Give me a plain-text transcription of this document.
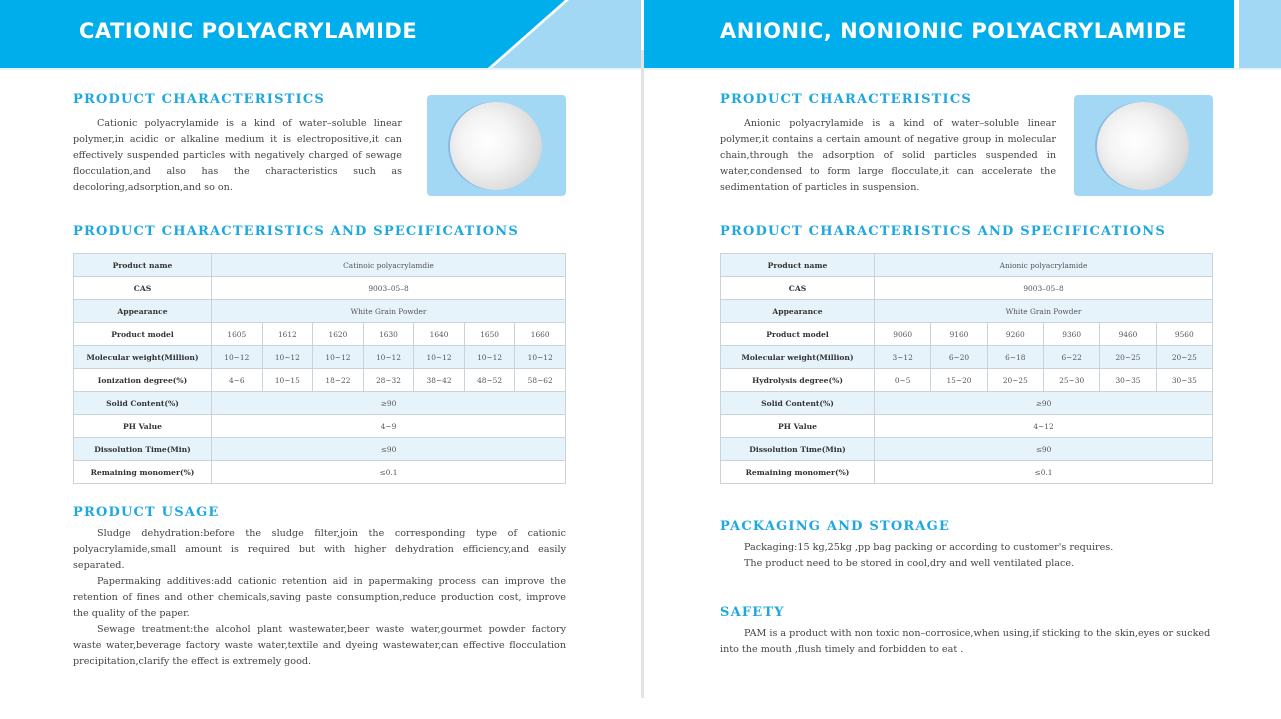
CATIONIC POLYACRYLAMIDE	ANIONIC, NONIONIC POLYACRYLAMIDE
PRODUCT CHARACTERISTICS

Cationic polyacrylamide is a kind of water–soluble linear polymer,in acidic or alkaline medium it is electropositive,it can effectively suspended particles with negatively charged of sewage flocculation,and also has the characteristics such as decoloring,adsorption,and so on.

PRODUCT CHARACTERISTICS AND SPECIFICATIONS
Product name	Catinoic polyacrylamdie						
CAS	9003–05–8						
Appearance	White Grain Powder						
Product model	1605	1612	1620	1630	1640	1650	1660
Molecular weight(Million)	10~12	10~12	10~12	10~12	10~12	10~12	10~12
Ionization degree(%)	4~6	10~15	18~22	28~32	38~42	48~52	58~62
Solid Content(%)	≥90						
PH Value	4~9						
Dissolution Time(Min)	≤90						
Remaining monomer(%)	≤0.1						
PRODUCT USAGE

Sludge dehydration:before the sludge filter,join the corresponding type of cationic polyacrylamide,small amount is required but with higher dehydration efficiency,and easily separated.

Papermaking additives:add cationic retention aid in papermaking process can improve the retention of fines and other chemicals,saving paste consumption,reduce production cost, improve the quality of the paper.

Sewage treatment:the alcohol plant wastewater,beer waste water,gourmet powder factory waste water,beverage factory waste water,textile and dyeing wastewater,can effective flocculation precipitation,clarify the effect is extremely good.

PRODUCT CHARACTERISTICS

Anionic polyacrylamide is a kind of water–soluble linear polymer,it contains a certain amount of negative group in molecular chain,through the adsorption of solid particles suspended in water,condensed to form large flocculate,it can accelerate the sedimentation of particles in suspension.

PRODUCT CHARACTERISTICS AND SPECIFICATIONS
Product name	Anionic polyacrylamide					
CAS	9003–05–8					
Appearance	White Grain Powder					
Product model	9060	9160	9260	9360	9460	9560
Molecular weight(Million)	3~12	6~20	6~18	6~22	20~25	20~25
Hydrolysis degree(%)	0~5	15~20	20~25	25~30	30~35	30~35
Solid Content(%)	≥90					
PH Value	4~12					
Dissolution Time(Min)	≤90					
Remaining monomer(%)	≤0.1					
PACKAGING AND STORAGE
Packaging:15 kg,25kg ,pp bag packing or according to customer's requires.
The product need to be stored in cool,dry and well ventilated place.
SAFETY

PAM is a product with non toxic non–corrosice,when using,if sticking to the skin,eyes or sucked into the mouth ,flush timely and forbidden to eat .
